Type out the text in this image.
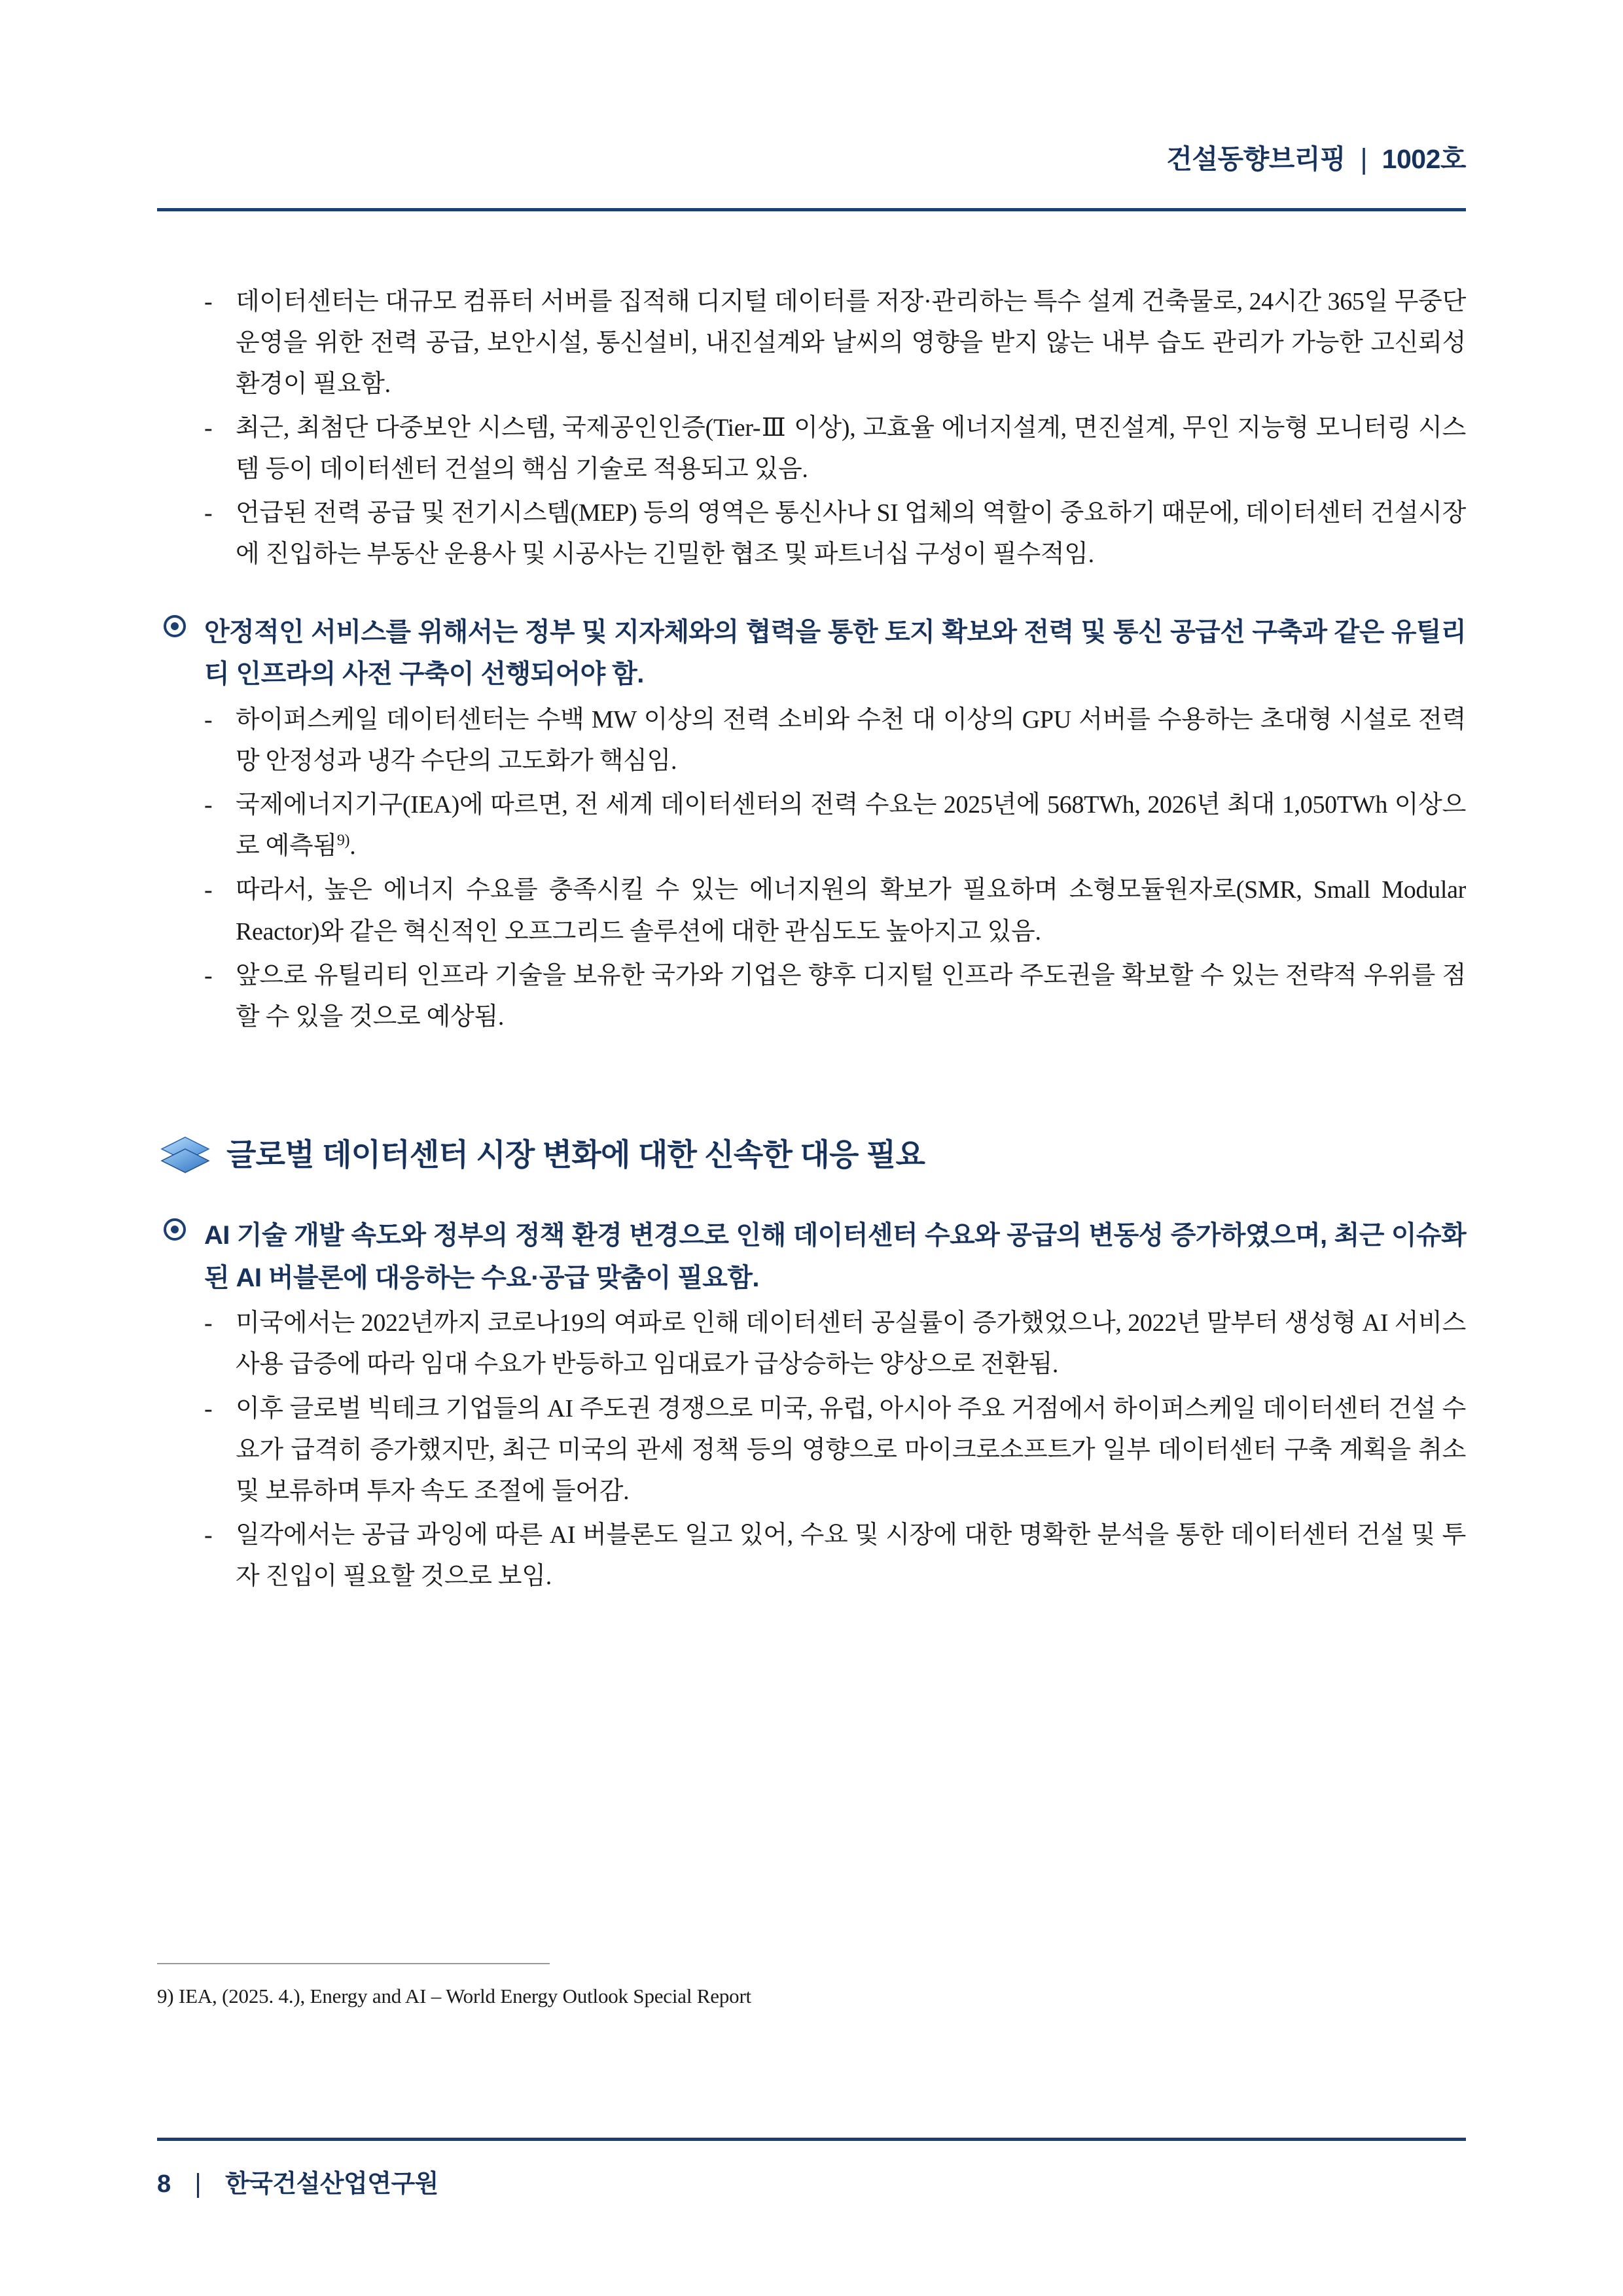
건설동향브리핑 ❘ 1002호
- 데이터센터는 대규모 컴퓨터 서버를 집적해 디지털 데이터를 저장·관리하는 특수 설계 건축물로, 24시간 365일 무중단 운영을 위한 전력 공급, 보안시설, 통신설비, 내진설계와 날씨의 영향을 받지 않는 내부 습도 관리가 가능한 고신뢰성 환경이 필요함.
- 최근, 최첨단 다중보안 시스템, 국제공인인증(Tier-Ⅲ 이상), 고효율 에너지설계, 면진설계, 무인 지능형 모니터링 시스템 등이 데이터센터 건설의 핵심 기술로 적용되고 있음.
- 언급된 전력 공급 및 전기시스템(MEP) 등의 영역은 통신사나 SI 업체의 역할이 중요하기 때문에, 데이터센터 건설시장에 진입하는 부동산 운용사 및 시공사는 긴밀한 협조 및 파트너십 구성이 필수적임.
안정적인 서비스를 위해서는 정부 및 지자체와의 협력을 통한 토지 확보와 전력 및 통신 공급선 구축과 같은 유틸리티 인프라의 사전 구축이 선행되어야 함.
- 하이퍼스케일 데이터센터는 수백 MW 이상의 전력 소비와 수천 대 이상의 GPU 서버를 수용하는 초대형 시설로 전력망 안정성과 냉각 수단의 고도화가 핵심임.
- 국제에너지기구(IEA)에 따르면, 전 세계 데이터센터의 전력 수요는 2025년에 568TWh, 2026년 최대 1,050TWh 이상으로 예측됨$^{9)}$.
- 따라서, 높은 에너지 수요를 충족시킬 수 있는 에너지원의 확보가 필요하며 소형모듈원자로(SMR, Small Modular Reactor)와 같은 혁신적인 오프그리드 솔루션에 대한 관심도도 높아지고 있음.
- 앞으로 유틸리티 인프라 기술을 보유한 국가와 기업은 향후 디지털 인프라 주도권을 확보할 수 있는 전략적 우위를 점할 수 있을 것으로 예상됨.
글로벌 데이터센터 시장 변화에 대한 신속한 대응 필요
AI 기술 개발 속도와 정부의 정책 환경 변경으로 인해 데이터센터 수요와 공급의 변동성 증가하였으며, 최근 이슈화된 AI 버블론에 대응하는 수요·공급 맞춤이 필요함.
- 미국에서는 2022년까지 코로나19의 여파로 인해 데이터센터 공실률이 증가했었으나, 2022년 말부터 생성형 AI 서비스 사용 급증에 따라 임대 수요가 반등하고 임대료가 급상승하는 양상으로 전환됨.
- 이후 글로벌 빅테크 기업들의 AI 주도권 경쟁으로 미국, 유럽, 아시아 주요 거점에서 하이퍼스케일 데이터센터 건설 수요가 급격히 증가했지만, 최근 미국의 관세 정책 등의 영향으로 마이크로소프트가 일부 데이터센터 구축 계획을 취소 및 보류하며 투자 속도 조절에 들어감.
- 일각에서는 공급 과잉에 따른 AI 버블론도 일고 있어, 수요 및 시장에 대한 명확한 분석을 통한 데이터센터 건설 및 투자 진입이 필요할 것으로 보임.
9) IEA, (2025. 4.), Energy and AI – World Energy Outlook Special Report
8 ❘ 한국건설산업연구원
